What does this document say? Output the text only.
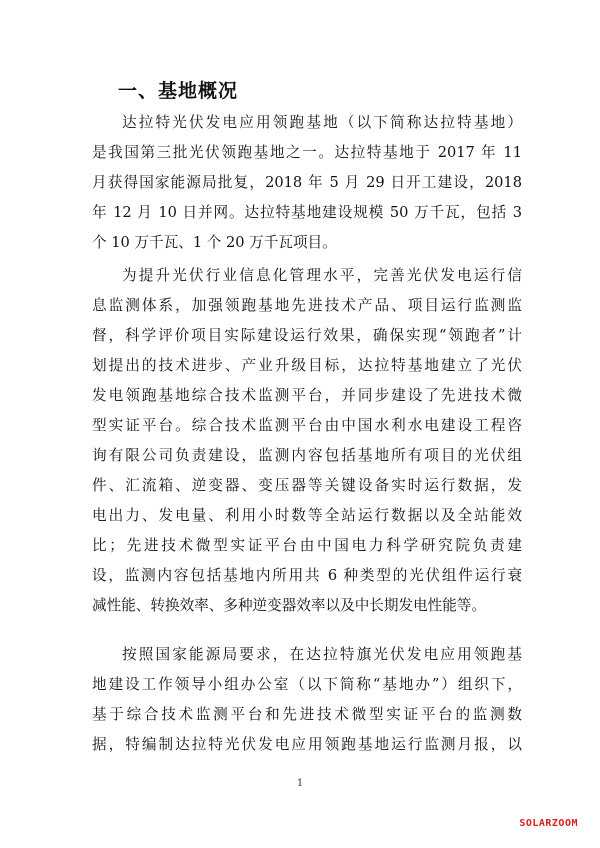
一、基地概况
达拉特光伏发电应用领跑基地（以下简称达拉特基地）
是我国第三批光伏领跑基地之一。达拉特基地于 2017 年 11
月获得国家能源局批复，2018 年 5 月 29 日开工建设，2018
年 12 月 10 日并网。达拉特基地建设规模 50 万千瓦，包括 3
个 10 万千瓦、1 个 20 万千瓦项目。
为提升光伏行业信息化管理水平，完善光伏发电运行信
息监测体系，加强领跑基地先进技术产品、项目运行监测监
督，科学评价项目实际建设运行效果，确保实现“领跑者”计
划提出的技术进步、产业升级目标，达拉特基地建立了光伏
发电领跑基地综合技术监测平台，并同步建设了先进技术微
型实证平台。综合技术监测平台由中国水利水电建设工程咨
询有限公司负责建设，监测内容包括基地所有项目的光伏组
件、汇流箱、逆变器、变压器等关键设备实时运行数据，发
电出力、发电量、利用小时数等全站运行数据以及全站能效
比；先进技术微型实证平台由中国电力科学研究院负责建
设，监测内容包括基地内所用共 6 种类型的光伏组件运行衰
减性能、转换效率、多种逆变器效率以及中长期发电性能等。
按照国家能源局要求，在达拉特旗光伏发电应用领跑基
地建设工作领导小组办公室（以下简称“基地办”）组织下，
基于综合技术监测平台和先进技术微型实证平台的监测数
据，特编制达拉特光伏发电应用领跑基地运行监测月报，以
1
SOLARZOOM
